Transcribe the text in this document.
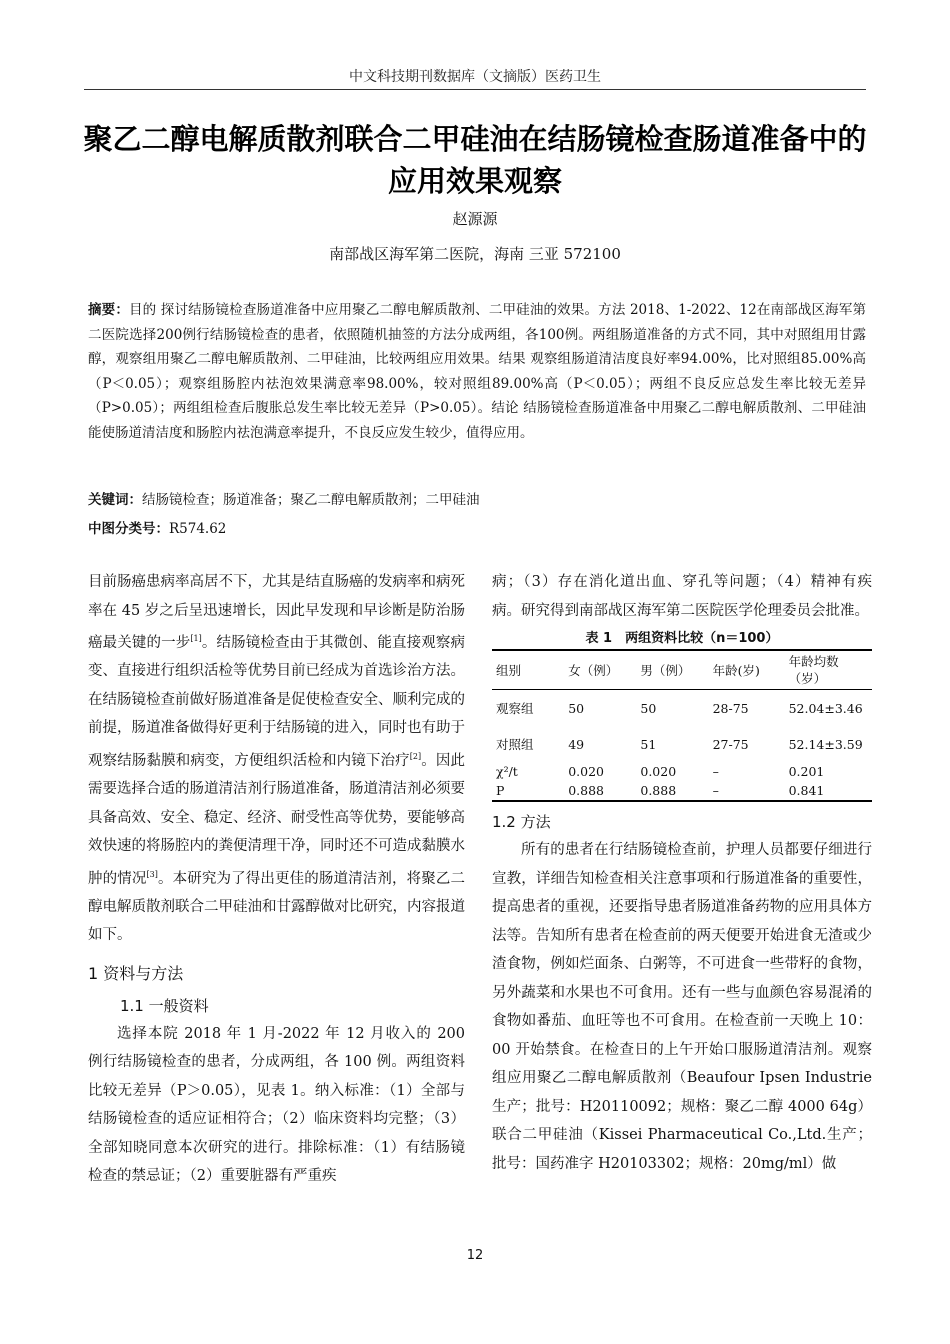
中文科技期刊数据库（文摘版）医药卫生
聚乙二醇电解质散剂联合二甲硅油在结肠镜检查肠道准备中的应用效果观察
赵源源
南部战区海军第二医院，海南 三亚 572100
摘要：目的 探讨结肠镜检查肠道准备中应用聚乙二醇电解质散剂、二甲硅油的效果。方法 2018、1-2022、12在南部战区海军第二医院选择200例行结肠镜检查的患者，依照随机抽签的方法分成两组，各100例。两组肠道准备的方式不同，其中对照组用甘露醇，观察组用聚乙二醇电解质散剂、二甲硅油，比较两组应用效果。结果 观察组肠道清洁度良好率94.00%，比对照组85.00%高（P＜0.05）；观察组肠腔内祛泡效果满意率98.00%，较对照组89.00%高（P＜0.05）；两组不良反应总发生率比较无差异（P>0.05）；两组组检查后腹胀总发生率比较无差异（P>0.05）。结论 结肠镜检查肠道准备中用聚乙二醇电解质散剂、二甲硅油能使肠道清洁度和肠腔内祛泡满意率提升，不良反应发生较少，值得应用。
关键词：结肠镜检查；肠道准备；聚乙二醇电解质散剂；二甲硅油
中图分类号：R574.62

目前肠癌患病率高居不下，尤其是结直肠癌的发病率和病死率在 45 岁之后呈迅速增长，因此早发现和早诊断是防治肠癌最关键的一步[1]。结肠镜检查由于其微创、能直接观察病变、直接进行组织活检等优势目前已经成为首选诊治方法。在结肠镜检查前做好肠道准备是促使检查安全、顺利完成的前提，肠道准备做得好更利于结肠镜的进入，同时也有助于观察结肠黏膜和病变，方便组织活检和内镜下治疗[2]。因此需要选择合适的肠道清洁剂行肠道准备，肠道清洁剂必须要具备高效、安全、稳定、经济、耐受性高等优势，要能够高效快速的将肠腔内的粪便清理干净，同时还不可造成黏膜水肿的情况[3]。本研究为了得出更佳的肠道清洁剂，将聚乙二醇电解质散剂联合二甲硅油和甘露醇做对比研究，内容报道如下。

1 资料与方法
1.1 一般资料

选择本院 2018 年 1 月-2022 年 12 月收入的 200 例行结肠镜检查的患者，分成两组，各 100 例。两组资料比较无差异（P＞0.05），见表 1。纳入标准：（1）全部与结肠镜检查的适应证相符合；（2）临床资料均完整；（3）全部知晓同意本次研究的进行。排除标准：（1）有结肠镜检查的禁忌证；（2）重要脏器有严重疾

病；（3）存在消化道出血、穿孔等问题；（4）精神有疾病。研究得到南部战区海军第二医院医学伦理委员会批准。

表 1　两组资料比较（n＝100）
组别	女（例）	男（例）	年龄(岁)	年龄均数（岁）
观察组	50	50	28-75	52.04±3.46
对照组	49	51	27-75	52.14±3.59
χ²/t	0.020	0.020	–	0.201
P	0.888	0.888	–	0.841
1.2 方法

所有的患者在行结肠镜检查前，护理人员都要仔细进行宣教，详细告知检查相关注意事项和行肠道准备的重要性，提高患者的重视，还要指导患者肠道准备药物的应用具体方法等。告知所有患者在检查前的两天便要开始进食无渣或少渣食物，例如烂面条、白粥等，不可进食一些带籽的食物，另外蔬菜和水果也不可食用。还有一些与血颜色容易混淆的食物如番茄、血旺等也不可食用。在检查前一天晚上 10：00 开始禁食。在检查日的上午开始口服肠道清洁剂。观察组应用聚乙二醇电解质散剂（Beaufour Ipsen Industrie 生产；批号：H20110092；规格：聚乙二醇 4000 64g）联合二甲硅油（Kissei Pharmaceutical Co.,Ltd.生产；批号：国药准字 H20103302；规格：20mg/ml）做

12
